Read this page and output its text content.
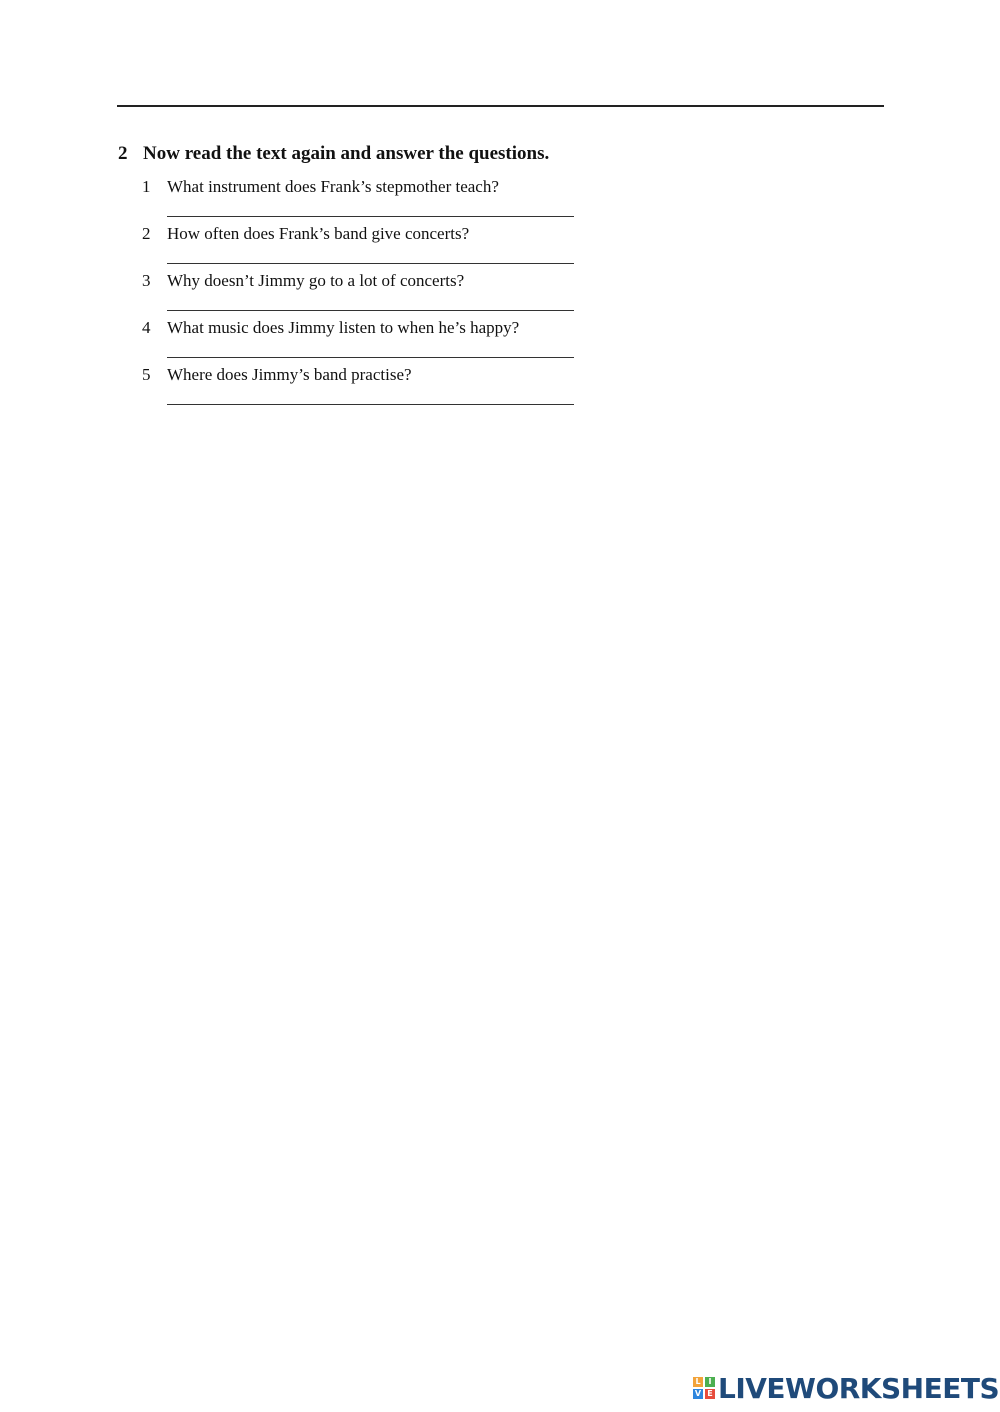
2 Now read the text again and answer the questions.
1 What instrument does Frank’s stepmother teach?
2 How often does Frank’s band give concerts?
3 Why doesn’t Jimmy go to a lot of concerts?
4 What music does Jimmy listen to when he’s happy?
5 Where does Jimmy’s band practise?
L I
V E LIVEWORKSHEETS
